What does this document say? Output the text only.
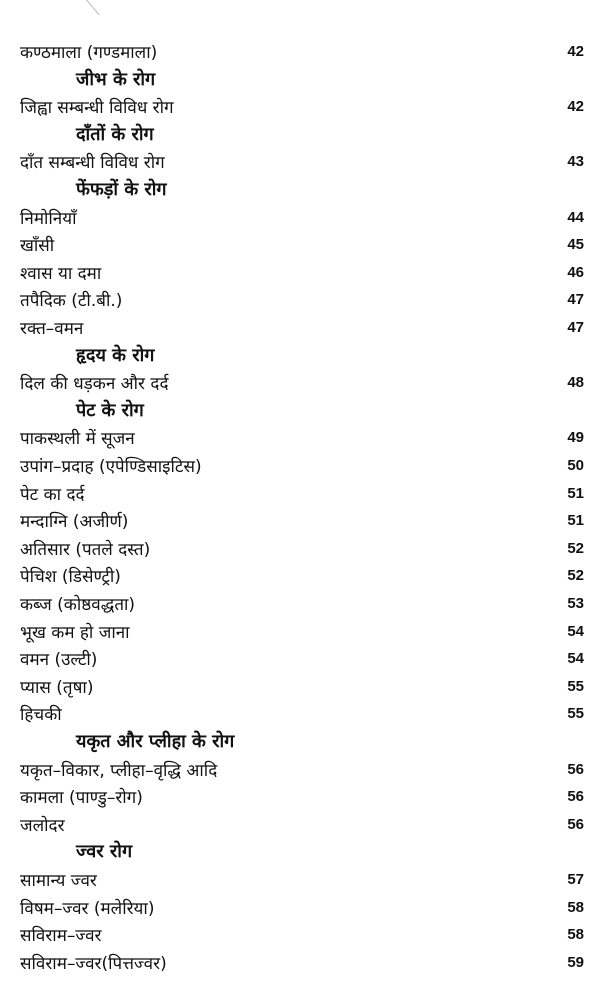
कण्ठमाला (गण्डमाला)	42
जीभ के रोग
जिह्वा सम्बन्धी विविध रोग	42
दाँतों के रोग
दाँत सम्बन्धी विविध रोग	43
फेंफड़ों के रोग
निमोनियाँ	44
खाँसी	45
श्वास या दमा	46
तपैदिक (टी.बी.)	47
रक्त–वमन	47
हृदय के रोग
दिल की धड़कन और दर्द	48
पेट के रोग
पाकस्थली में सूजन	49
उपांग–प्रदाह (एपेण्डिसाइटिस)	50
पेट का दर्द	51
मन्दाग्नि (अजीर्ण)	51
अतिसार (पतले दस्त)	52
पेचिश (डिसेण्ट्री)	52
कब्ज (कोष्ठवद्धता)	53
भूख कम हो जाना	54
वमन (उल्टी)	54
प्यास (तृषा)	55
हिचकी	55
यकृत और प्लीहा के रोग
यकृत–विकार, प्लीहा–वृद्धि आदि	56
कामला (पाण्डु–रोग)	56
जलोदर	56
ज्वर रोग
सामान्य ज्वर	57
विषम–ज्वर (मलेरिया)	58
सविराम–ज्वर	58
सविराम–ज्वर(पित्तज्वर)	59
